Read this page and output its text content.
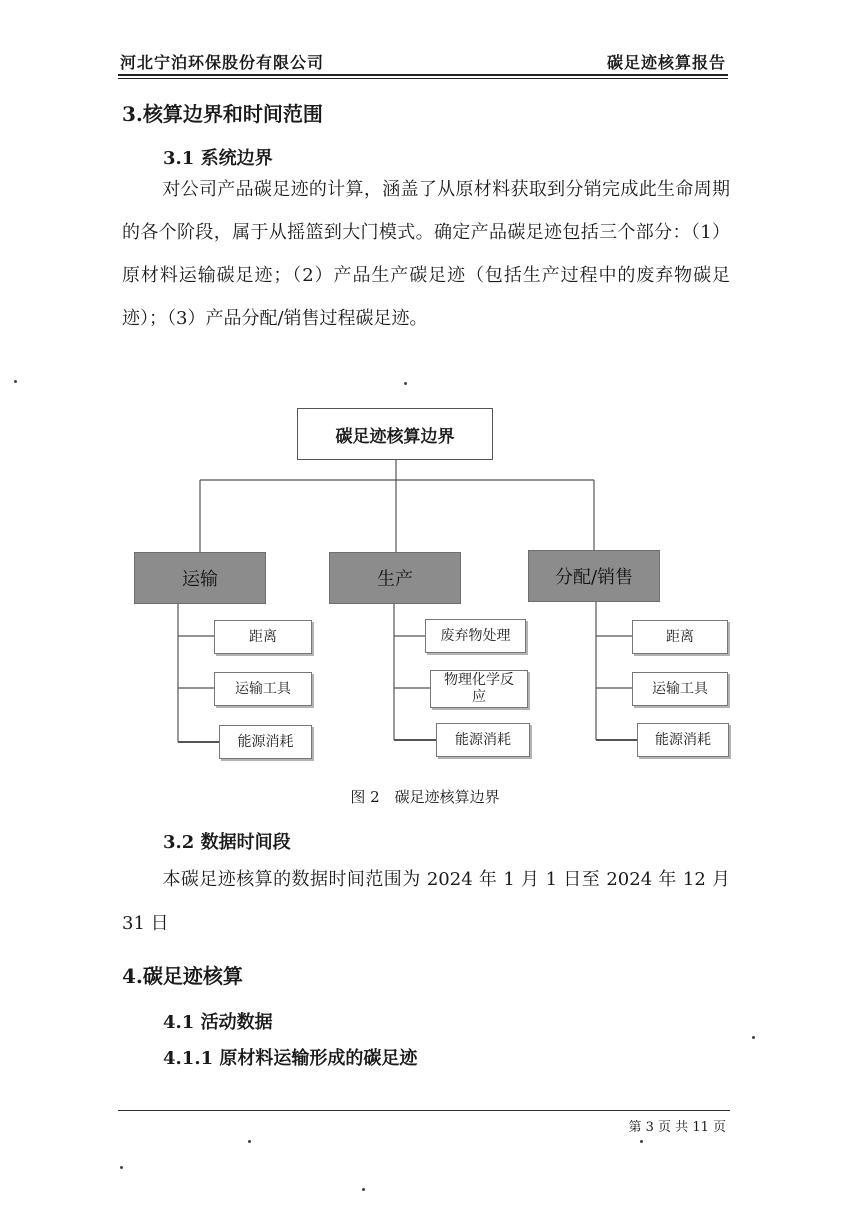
河北宁泊环保股份有限公司	碳足迹核算报告
3.核算边界和时间范围
3.1 系统边界
对公司产品碳足迹的计算，涵盖了从原材料获取到分销完成此生命周期的各个阶段，属于从摇篮到大门模式。确定产品碳足迹包括三个部分：（1）原材料运输碳足迹；（2）产品生产碳足迹（包括生产过程中的废弃物碳足迹）；（3）产品分配/销售过程碳足迹。
碳足迹核算边界
运输	生产	分配/销售
距离
运输工具
能源消耗
废弃物处理
物理化学反应
能源消耗
距离
运输工具
能源消耗
图 2　碳足迹核算边界
3.2 数据时间段
本碳足迹核算的数据时间范围为 2024 年 1 月 1 日至 2024 年 12 月 31 日
4.碳足迹核算
4.1 活动数据
4.1.1 原材料运输形成的碳足迹
第 3 页 共 11 页
